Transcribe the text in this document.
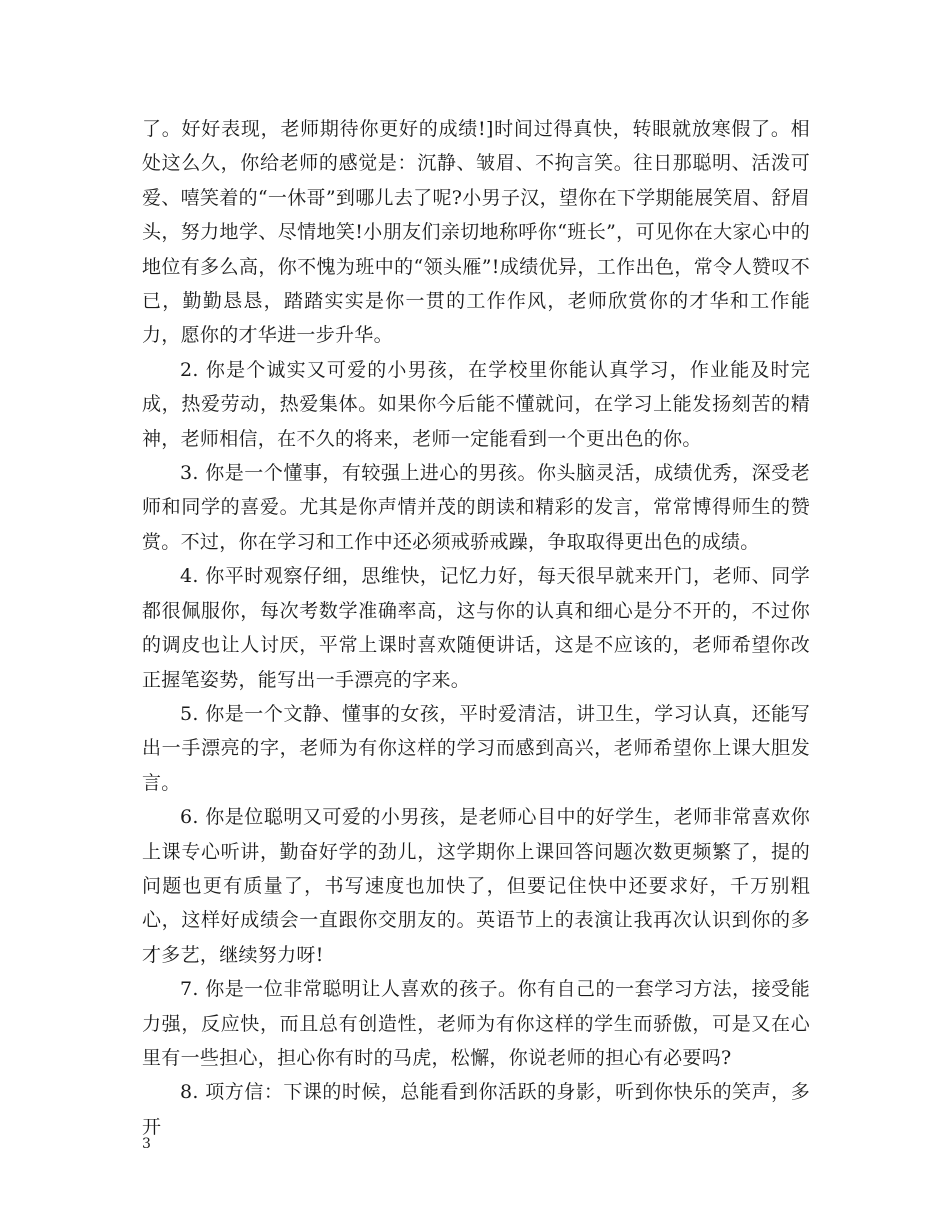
了。好好表现，老师期待你更好的成绩!]时间过得真快，转眼就放寒假了。相处这么久，你给老师的感觉是：沉静、皱眉、不拘言笑。往日那聪明、活泼可爱、嘻笑着的“一休哥”到哪儿去了呢?小男子汉，望你在下学期能展笑眉、舒眉头，努力地学、尽情地笑!小朋友们亲切地称呼你“班长”，可见你在大家心中的地位有多么高，你不愧为班中的“领头雁”!成绩优异，工作出色，常令人赞叹不已，勤勤恳恳，踏踏实实是你一贯的工作作风，老师欣赏你的才华和工作能力，愿你的才华进一步升华。

2. 你是个诚实又可爱的小男孩，在学校里你能认真学习，作业能及时完成，热爱劳动，热爱集体。如果你今后能不懂就问，在学习上能发扬刻苦的精神，老师相信，在不久的将来，老师一定能看到一个更出色的你。

3. 你是一个懂事，有较强上进心的男孩。你头脑灵活，成绩优秀，深受老师和同学的喜爱。尤其是你声情并茂的朗读和精彩的发言，常常博得师生的赞赏。不过，你在学习和工作中还必须戒骄戒躁，争取取得更出色的成绩。

4. 你平时观察仔细，思维快，记忆力好，每天很早就来开门，老师、同学都很佩服你，每次考数学准确率高，这与你的认真和细心是分不开的，不过你的调皮也让人讨厌，平常上课时喜欢随便讲话，这是不应该的，老师希望你改正握笔姿势，能写出一手漂亮的字来。

5. 你是一个文静、懂事的女孩，平时爱清洁，讲卫生，学习认真，还能写出一手漂亮的字，老师为有你这样的学习而感到高兴，老师希望你上课大胆发言。

6. 你是位聪明又可爱的小男孩，是老师心目中的好学生，老师非常喜欢你上课专心听讲，勤奋好学的劲儿，这学期你上课回答问题次数更频繁了，提的问题也更有质量了，书写速度也加快了，但要记住快中还要求好，千万别粗心，这样好成绩会一直跟你交朋友的。英语节上的表演让我再次认识到你的多才多艺，继续努力呀!

7. 你是一位非常聪明让人喜欢的孩子。你有自己的一套学习方法，接受能力强，反应快，而且总有创造性，老师为有你这样的学生而骄傲，可是又在心里有一些担心，担心你有时的马虎，松懈，你说老师的担心有必要吗?

8. 项方信：下课的时候，总能看到你活跃的身影，听到你快乐的笑声，多开

3
